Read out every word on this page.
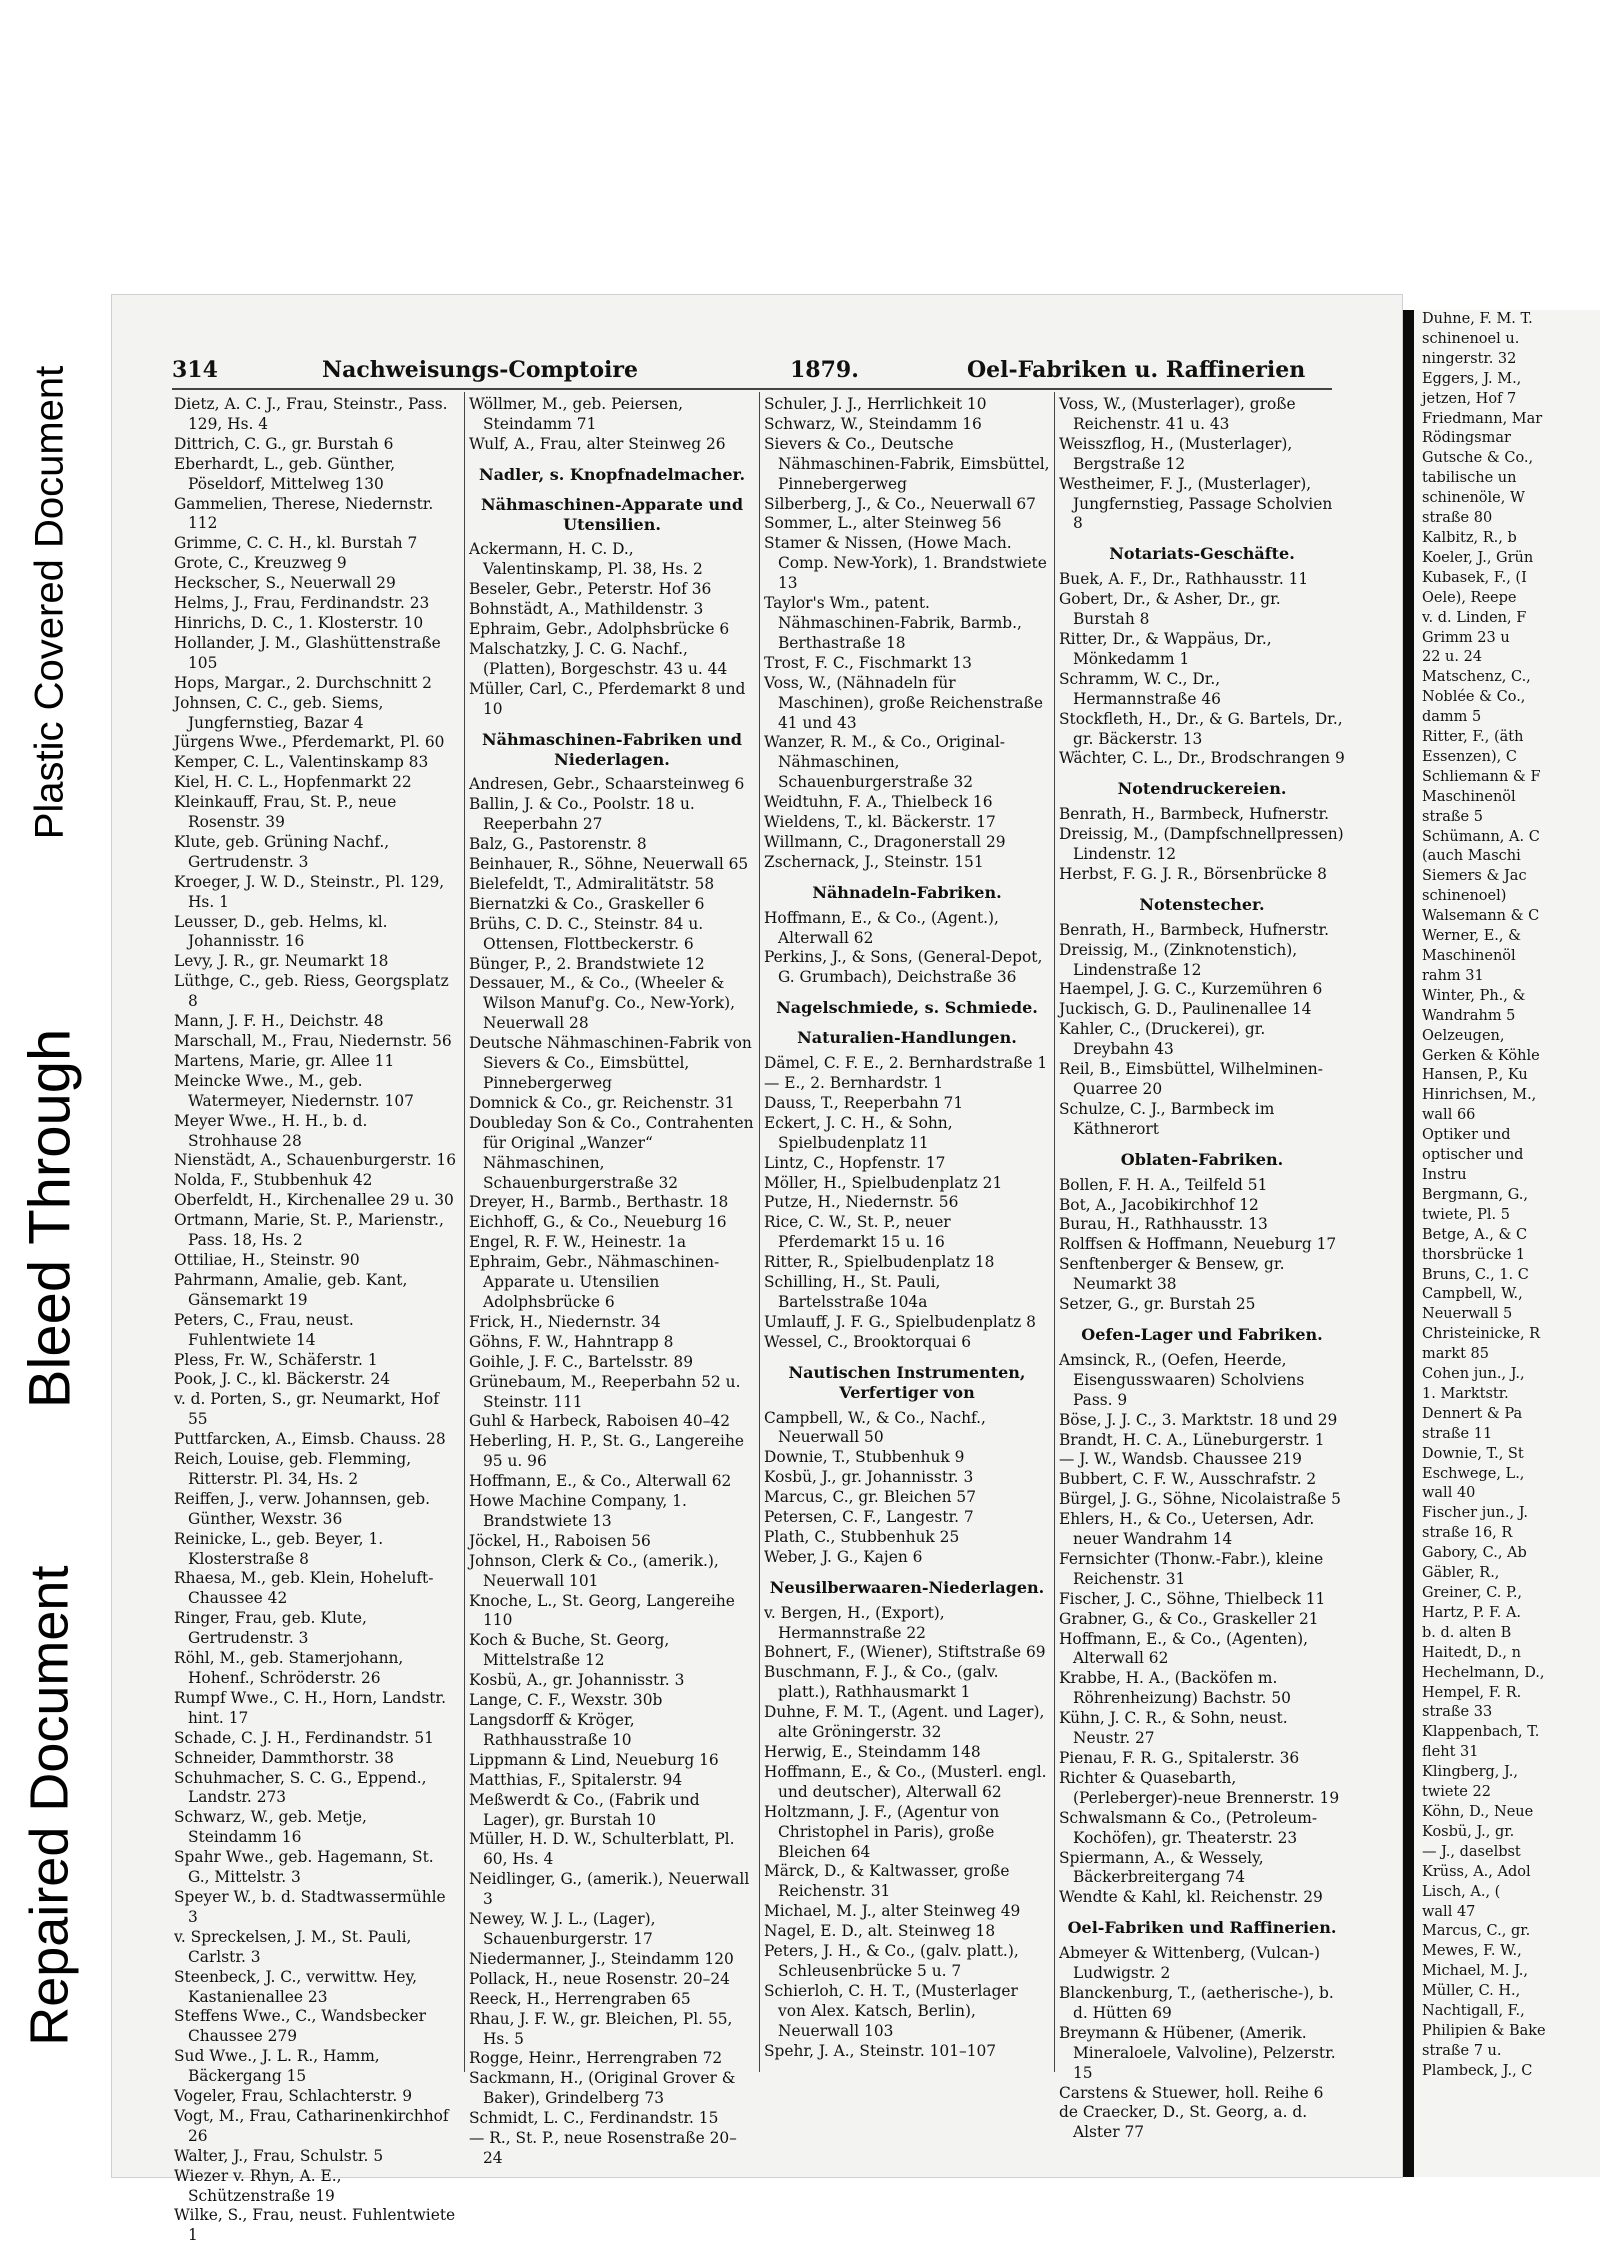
Plastic Covered Document
Bleed Through
Repaired Document
314	Nachweisungs-Comptoire	1879.	Oel-Fabriken u. Raffinerien

Dietz, A. C. J., Frau, Steinstr., Pass. 129, Hs. 4

Dittrich, C. G., gr. Burstah 6

Eberhardt, L., geb. Günther, Pöseldorf, Mittelweg 130

Gammelien, Therese, Niedernstr. 112

Grimme, C. C. H., kl. Burstah 7

Grote, C., Kreuzweg 9

Heckscher, S., Neuerwall 29

Helms, J., Frau, Ferdinandstr. 23

Hinrichs, D. C., 1. Klosterstr. 10

Hollander, J. M., Glashüttenstraße 105

Hops, Margar., 2. Durchschnitt 2

Johnsen, C. C., geb. Siems, Jungfernstieg, Bazar 4

Jürgens Wwe., Pferdemarkt, Pl. 60

Kemper, C. L., Valentinskamp 83

Kiel, H. C. L., Hopfenmarkt 22

Kleinkauff, Frau, St. P., neue Rosenstr. 39

Klute, geb. Grüning Nachf., Gertrudenstr. 3

Kroeger, J. W. D., Steinstr., Pl. 129, Hs. 1

Leusser, D., geb. Helms, kl. Johannisstr. 16

Levy, J. R., gr. Neumarkt 18

Lüthge, C., geb. Riess, Georgsplatz 8

Mann, J. F. H., Deichstr. 48

Marschall, M., Frau, Niedernstr. 56

Martens, Marie, gr. Allee 11

Meincke Wwe., M., geb. Watermeyer, Niedernstr. 107

Meyer Wwe., H. H., b. d. Strohhause 28

Nienstädt, A., Schauenburgerstr. 16

Nolda, F., Stubbenhuk 42

Oberfeldt, H., Kirchenallee 29 u. 30

Ortmann, Marie, St. P., Marienstr., Pass. 18, Hs. 2

Ottiliae, H., Steinstr. 90

Pahrmann, Amalie, geb. Kant, Gänsemarkt 19

Peters, C., Frau, neust. Fuhlentwiete 14

Pless, Fr. W., Schäferstr. 1

Pook, J. C., kl. Bäckerstr. 24

v. d. Porten, S., gr. Neumarkt, Hof 55

Puttfarcken, A., Eimsb. Chauss. 28

Reich, Louise, geb. Flemming, Ritterstr. Pl. 34, Hs. 2

Reiffen, J., verw. Johannsen, geb. Günther, Wexstr. 36

Reinicke, L., geb. Beyer, 1. Klosterstraße 8

Rhaesa, M., geb. Klein, Hoheluft-Chaussee 42

Ringer, Frau, geb. Klute, Gertrudenstr. 3

Röhl, M., geb. Stamerjohann, Hohenf., Schröderstr. 26

Rumpf Wwe., C. H., Horn, Landstr. hint. 17

Schade, C. J. H., Ferdinandstr. 51

Schneider, Dammthorstr. 38

Schuhmacher, S. C. G., Eppend., Landstr. 273

Schwarz, W., geb. Metje, Steindamm 16

Spahr Wwe., geb. Hagemann, St. G., Mittelstr. 3

Speyer W., b. d. Stadtwassermühle 3

v. Spreckelsen, J. M., St. Pauli, Carlstr. 3

Steenbeck, J. C., verwittw. Hey, Kastanienallee 23

Steffens Wwe., C., Wandsbecker Chaussee 279

Sud Wwe., J. L. R., Hamm, Bäckergang 15

Vogeler, Frau, Schlachterstr. 9

Vogt, M., Frau, Catharinenkirchhof 26

Walter, J., Frau, Schulstr. 5

Wiezer v. Rhyn, A. E., Schützenstraße 19

Wilke, S., Frau, neust. Fuhlentwiete 1

Wöllmer, M., geb. Peiersen, Steindamm 71

Wulf, A., Frau, alter Steinweg 26

Nadler, s. Knopfnadelmacher.

Nähmaschinen-Apparate und Utensilien.

Ackermann, H. C. D., Valentinskamp, Pl. 38, Hs. 2

Beseler, Gebr., Peterstr. Hof 36

Bohnstädt, A., Mathildenstr. 3

Ephraim, Gebr., Adolphsbrücke 6

Malschatzky, J. C. G. Nachf., (Platten), Borgeschstr. 43 u. 44

Müller, Carl, C., Pferdemarkt 8 und 10

Nähmaschinen-Fabriken und Niederlagen.

Andresen, Gebr., Schaarsteinweg 6

Ballin, J. & Co., Poolstr. 18 u. Reeperbahn 27

Balz, G., Pastorenstr. 8

Beinhauer, R., Söhne, Neuerwall 65

Bielefeldt, T., Admiralitätstr. 58

Biernatzki & Co., Graskeller 6

Brühs, C. D. C., Steinstr. 84 u. Ottensen, Flottbeckerstr. 6

Bünger, P., 2. Brandstwiete 12

Dessauer, M., & Co., (Wheeler & Wilson Manuf'g. Co., New-York), Neuerwall 28

Deutsche Nähmaschinen-Fabrik von Sievers & Co., Eimsbüttel, Pinnebergerweg

Domnick & Co., gr. Reichenstr. 31

Doubleday Son & Co., Contrahenten für Original „Wanzer“ Nähmaschinen, Schauenburgerstraße 32

Dreyer, H., Barmb., Berthastr. 18

Eichhoff, G., & Co., Neueburg 16

Engel, R. F. W., Heinestr. 1a

Ephraim, Gebr., Nähmaschinen-Apparate u. Utensilien Adolphsbrücke 6

Frick, H., Niedernstr. 34

Göhns, F. W., Hahntrapp 8

Goihle, J. F. C., Bartelsstr. 89

Grünebaum, M., Reeperbahn 52 u. Steinstr. 111

Guhl & Harbeck, Raboisen 40–42

Heberling, H. P., St. G., Langereihe 95 u. 96

Hoffmann, E., & Co., Alterwall 62

Howe Machine Company, 1. Brandstwiete 13

Jöckel, H., Raboisen 56

Johnson, Clerk & Co., (amerik.), Neuerwall 101

Knoche, L., St. Georg, Langereihe 110

Koch & Buche, St. Georg, Mittelstraße 12

Kosbü, A., gr. Johannisstr. 3

Lange, C. F., Wexstr. 30b

Langsdorff & Kröger, Rathhausstraße 10

Lippmann & Lind, Neueburg 16

Matthias, F., Spitalerstr. 94

Meßwerdt & Co., (Fabrik und Lager), gr. Burstah 10

Müller, H. D. W., Schulterblatt, Pl. 60, Hs. 4

Neidlinger, G., (amerik.), Neuerwall 3

Newey, W. J. L., (Lager), Schauenburgerstr. 17

Niedermanner, J., Steindamm 120

Pollack, H., neue Rosenstr. 20–24

Reeck, H., Herrengraben 65

Rhau, J. F. W., gr. Bleichen, Pl. 55, Hs. 5

Rogge, Heinr., Herrengraben 72

Sackmann, H., (Original Grover & Baker), Grindelberg 73

Schmidt, L. C., Ferdinandstr. 15

— R., St. P., neue Rosenstraße 20–24

Schuler, J. J., Herrlichkeit 10

Schwarz, W., Steindamm 16

Sievers & Co., Deutsche Nähmaschinen-Fabrik, Eimsbüttel, Pinnebergerweg

Silberberg, J., & Co., Neuerwall 67

Sommer, L., alter Steinweg 56

Stamer & Nissen, (Howe Mach. Comp. New-York), 1. Brandstwiete 13

Taylor's Wm., patent. Nähmaschinen-Fabrik, Barmb., Berthastraße 18

Trost, F. C., Fischmarkt 13

Voss, W., (Nähnadeln für Maschinen), große Reichenstraße 41 und 43

Wanzer, R. M., & Co., Original-Nähmaschinen, Schauenburgerstraße 32

Weidtuhn, F. A., Thielbeck 16

Wieldens, T., kl. Bäckerstr. 17

Willmann, C., Dragonerstall 29

Zschernack, J., Steinstr. 151

Nähnadeln-Fabriken.

Hoffmann, E., & Co., (Agent.), Alterwall 62

Perkins, J., & Sons, (General-Depot, G. Grumbach), Deichstraße 36

Nagelschmiede, s. Schmiede.

Naturalien-Handlungen.

Dämel, C. F. E., 2. Bernhardstraße 1

— E., 2. Bernhardstr. 1

Dauss, T., Reeperbahn 71

Eckert, J. C. H., & Sohn, Spielbudenplatz 11

Lintz, C., Hopfenstr. 17

Möller, H., Spielbudenplatz 21

Putze, H., Niedernstr. 56

Rice, C. W., St. P., neuer Pferdemarkt 15 u. 16

Ritter, R., Spielbudenplatz 18

Schilling, H., St. Pauli, Bartelsstraße 104a

Umlauff, J. F. G., Spielbudenplatz 8

Wessel, C., Brooktorquai 6

Nautischen Instrumenten, Verfertiger von

Campbell, W., & Co., Nachf., Neuerwall 50

Downie, T., Stubbenhuk 9

Kosbü, J., gr. Johannisstr. 3

Marcus, C., gr. Bleichen 57

Petersen, C. F., Langestr. 7

Plath, C., Stubbenhuk 25

Weber, J. G., Kajen 6

Neusilberwaaren-Niederlagen.

v. Bergen, H., (Export), Hermannstraße 22

Bohnert, F., (Wiener), Stiftstraße 69

Buschmann, F. J., & Co., (galv. platt.), Rathhausmarkt 1

Duhne, F. M. T., (Agent. und Lager), alte Gröningerstr. 32

Herwig, E., Steindamm 148

Hoffmann, E., & Co., (Musterl. engl. und deutscher), Alterwall 62

Holtzmann, J. F., (Agentur von Christophel in Paris), große Bleichen 64

Märck, D., & Kaltwasser, große Reichenstr. 31

Michael, M. J., alter Steinweg 49

Nagel, E. D., alt. Steinweg 18

Peters, J. H., & Co., (galv. platt.), Schleusenbrücke 5 u. 7

Schierloh, C. H. T., (Musterlager von Alex. Katsch, Berlin), Neuerwall 103

Spehr, J. A., Steinstr. 101–107

Voss, W., (Musterlager), große Reichenstr. 41 u. 43

Weisszflog, H., (Musterlager), Bergstraße 12

Westheimer, F. J., (Musterlager), Jungfernstieg, Passage Scholvien 8

Notariats-Geschäfte.

Buek, A. F., Dr., Rathhausstr. 11

Gobert, Dr., & Asher, Dr., gr. Burstah 8

Ritter, Dr., & Wappäus, Dr., Mönkedamm 1

Schramm, W. C., Dr., Hermannstraße 46

Stockfleth, H., Dr., & G. Bartels, Dr., gr. Bäckerstr. 13

Wächter, C. L., Dr., Brodschrangen 9

Notendruckereien.

Benrath, H., Barmbeck, Hufnerstr.

Dreissig, M., (Dampfschnellpressen) Lindenstr. 12

Herbst, F. G. J. R., Börsenbrücke 8

Notenstecher.

Benrath, H., Barmbeck, Hufnerstr.

Dreissig, M., (Zinknotenstich), Lindenstraße 12

Haempel, J. G. C., Kurzemühren 6

Juckisch, G. D., Paulinenallee 14

Kahler, C., (Druckerei), gr. Dreybahn 43

Reil, B., Eimsbüttel, Wilhelminen-Quarree 20

Schulze, C. J., Barmbeck im Käthnerort

Oblaten-Fabriken.

Bollen, F. H. A., Teilfeld 51

Bot, A., Jacobikirchhof 12

Burau, H., Rathhausstr. 13

Rolffsen & Hoffmann, Neueburg 17

Senftenberger & Bensew, gr. Neumarkt 38

Setzer, G., gr. Burstah 25

Oefen-Lager und Fabriken.

Amsinck, R., (Oefen, Heerde, Eisengusswaaren) Scholviens Pass. 9

Böse, J. J. C., 3. Marktstr. 18 und 29

Brandt, H. C. A., Lüneburgerstr. 1

— J. W., Wandsb. Chaussee 219

Bubbert, C. F. W., Ausschrafstr. 2

Bürgel, J. G., Söhne, Nicolaistraße 5

Ehlers, H., & Co., Uetersen, Adr. neuer Wandrahm 14

Fernsichter (Thonw.-Fabr.), kleine Reichenstr. 31

Fischer, J. C., Söhne, Thielbeck 11

Grabner, G., & Co., Graskeller 21

Hoffmann, E., & Co., (Agenten), Alterwall 62

Krabbe, H. A., (Backöfen m. Röhrenheizung) Bachstr. 50

Kühn, J. C. R., & Sohn, neust. Neustr. 27

Pienau, F. R. G., Spitalerstr. 36

Richter & Quasebarth, (Perleberger)-neue Brennerstr. 19

Schwalsmann & Co., (Petroleum-Kochöfen), gr. Theaterstr. 23

Spiermann, A., & Wessely, Bäckerbreitergang 74

Wendte & Kahl, kl. Reichenstr. 29

Oel-Fabriken und Raffinerien.

Abmeyer & Wittenberg, (Vulcan-) Ludwigstr. 2

Blanckenburg, T., (aetherische-), b. d. Hütten 69

Breymann & Hübener, (Amerik. Mineraloele, Valvoline), Pelzerstr. 15

Carstens & Stuewer, holl. Reihe 6

de Craecker, D., St. Georg, a. d. Alster 77

Duhne, F. M. T.

schinenoel u.

ningerstr. 32

Eggers, J. M.,

jetzen, Hof 7

Friedmann, Mar

Rödingsmar

Gutsche & Co.,

tabilische un

schinenöle, W

straße 80

Kalbitz, R., b

Koeler, J., Grün

Kubasek, F., (I

Oele), Reepe

v. d. Linden, F

Grimm 23 u

22 u. 24

Matschenz, C.,

Noblée & Co.,

damm 5

Ritter, F., (äth

Essenzen), C

Schliemann & F

Maschinenöl

straße 5

Schümann, A. C

(auch Maschi

Siemers & Jac

schinenoel)

Walsemann & C

Werner, E., &

Maschinenöl

rahm 31

Winter, Ph., &

Wandrahm 5

Oelzeugen,

Gerken & Köhle

Hansen, P., Ku

Hinrichsen, M.,

wall 66

Optiker und

optischer und

Instru

Bergmann, G.,

twiete, Pl. 5

Betge, A., & C

thorsbrücke 1

Bruns, C., 1. C

Campbell, W.,

Neuerwall 5

Christeinicke, R

markt 85

Cohen jun., J.,

1. Marktstr.

Dennert & Pa

straße 11

Downie, T., St

Eschwege, L.,

wall 40

Fischer jun., J.

straße 16, R

Gabory, C., Ab

Gäbler, R.,

Greiner, C. P.,

Hartz, P. F. A.

b. d. alten B

Haitedt, D., n

Hechelmann, D.,

Hempel, F. R.

straße 33

Klappenbach, T.

fleht 31

Klingberg, J.,

twiete 22

Köhn, D., Neue

Kosbü, J., gr.

— J., daselbst

Krüss, A., Adol

Lisch, A., (

wall 47

Marcus, C., gr.

Mewes, F. W.,

Michael, M. J.,

Müller, C. H.,

Nachtigall, F.,

Philipien & Bake

straße 7 u.

Plambeck, J., C
